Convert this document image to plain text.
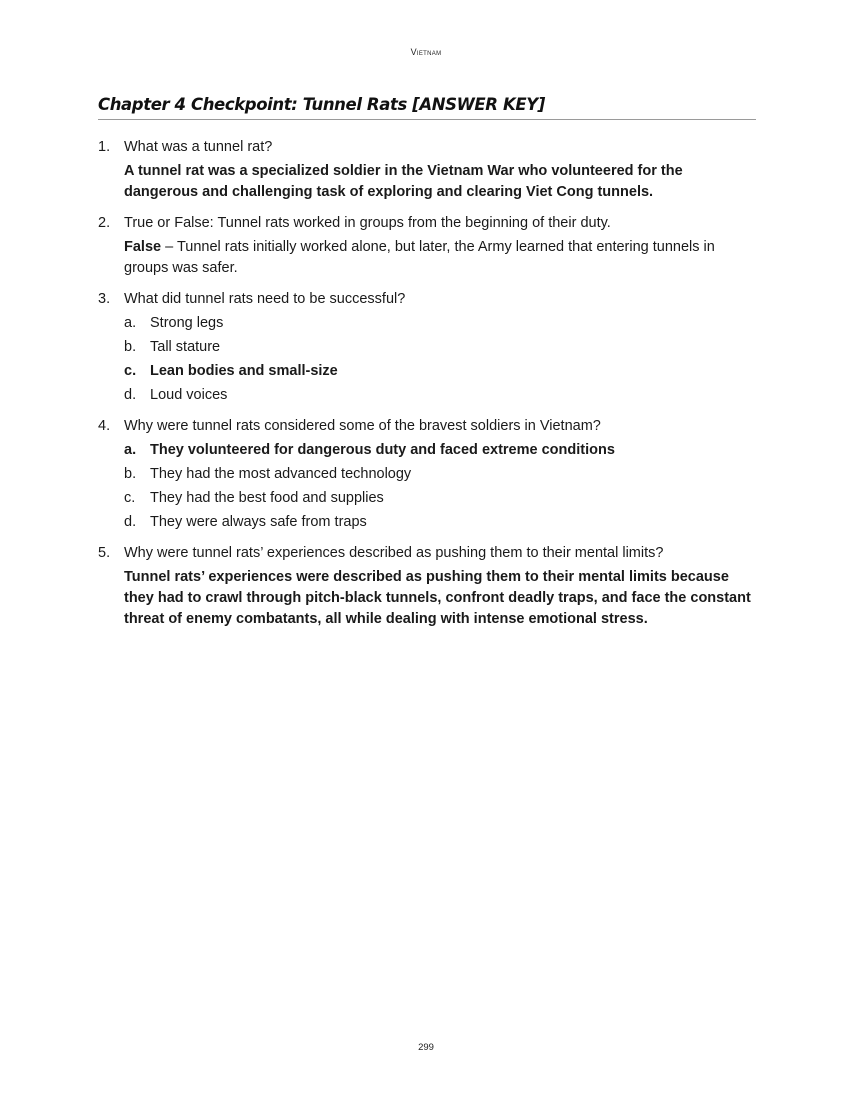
Vietnam
Chapter 4 Checkpoint: Tunnel Rats [ANSWER KEY]
1. What was a tunnel rat?
A tunnel rat was a specialized soldier in the Vietnam War who volunteered for the dangerous and challenging task of exploring and clearing Viet Cong tunnels.
2. True or False: Tunnel rats worked in groups from the beginning of their duty.
False – Tunnel rats initially worked alone, but later, the Army learned that entering tunnels in groups was safer.
3. What did tunnel rats need to be successful?
a. Strong legs
b. Tall stature
c. Lean bodies and small-size
d. Loud voices
4. Why were tunnel rats considered some of the bravest soldiers in Vietnam?
a. They volunteered for dangerous duty and faced extreme conditions
b. They had the most advanced technology
c. They had the best food and supplies
d. They were always safe from traps
5. Why were tunnel rats’ experiences described as pushing them to their mental limits?
Tunnel rats’ experiences were described as pushing them to their mental limits because they had to crawl through pitch-black tunnels, confront deadly traps, and face the constant threat of enemy combatants, all while dealing with intense emotional stress.
299
